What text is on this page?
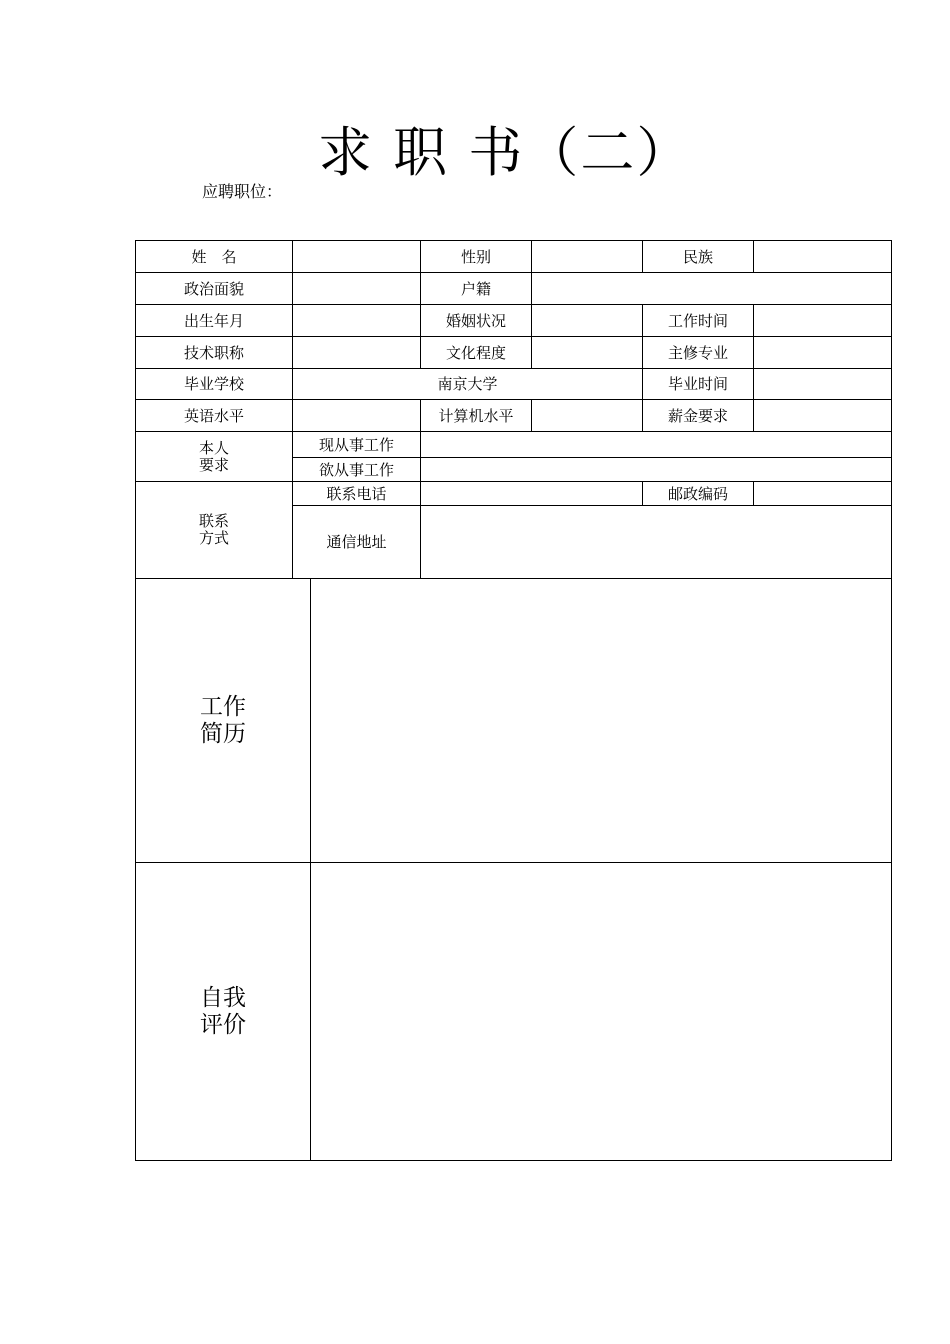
求 职 书（二）
应聘职位：
姓　名			性别		民族	
政治面貌			户籍			
出生年月			婚姻状况		工作时间	
技术职称			文化程度		主修专业	
毕业学校	南京大学				毕业时间	
英语水平			计算机水平		薪金要求	

本人
要求	现从事工作					
	欲从事工作					

联系
方式	联系电话				邮政编码	
	通信地址					

工作
简历						

自我
评价						
